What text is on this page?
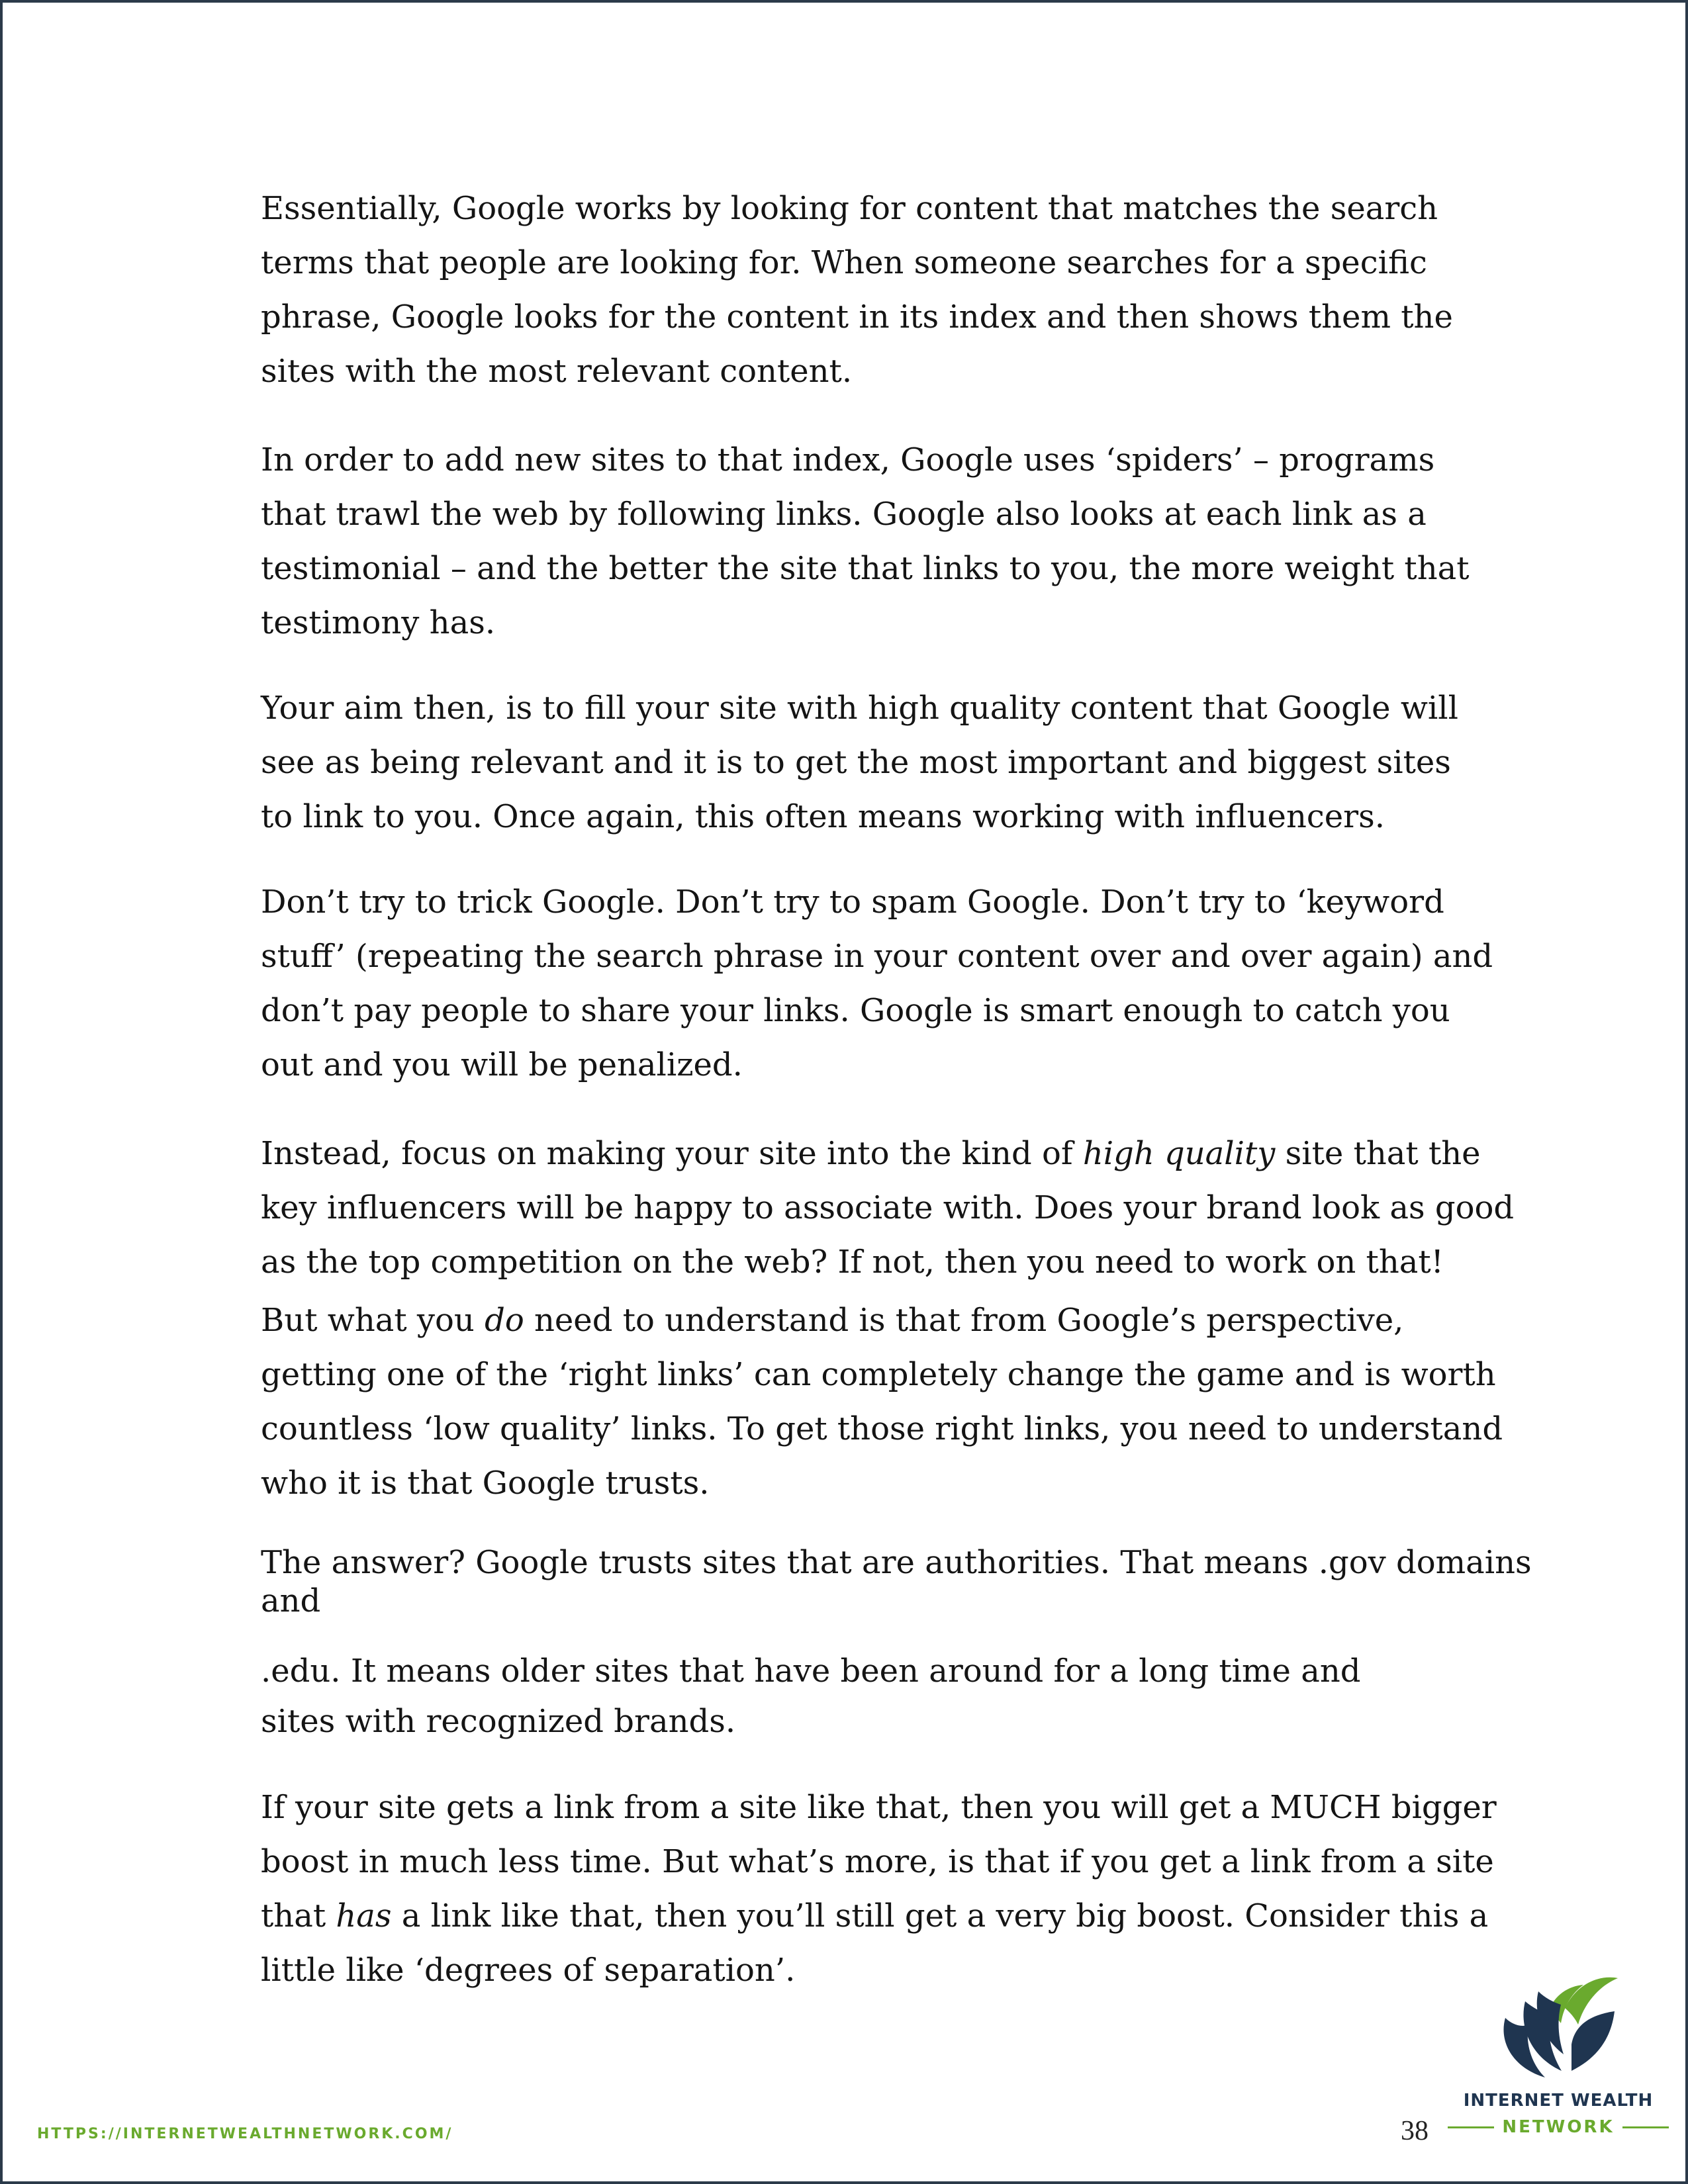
Essentially, Google works by looking for content that matches the search
terms that people are looking for. When someone searches for a specific
phrase, Google looks for the content in its index and then shows them the
sites with the most relevant content.

In order to add new sites to that index, Google uses ‘spiders’ – programs
that trawl the web by following links. Google also looks at each link as a
testimonial – and the better the site that links to you, the more weight that
testimony has.

Your aim then, is to fill your site with high quality content that Google will
see as being relevant and it is to get the most important and biggest sites
to link to you. Once again, this often means working with influencers.

Don’t try to trick Google. Don’t try to spam Google. Don’t try to ‘keyword
stuff’ (repeating the search phrase in your content over and over again) and
don’t pay people to share your links. Google is smart enough to catch you
out and you will be penalized.

Instead, focus on making your site into the kind of high quality site that the
key influencers will be happy to associate with. Does your brand look as good
as the top competition on the web? If not, then you need to work on that!

But what you do need to understand is that from Google’s perspective,
getting one of the ‘right links’ can completely change the game and is worth
countless ‘low quality’ links. To get those right links, you need to understand
who it is that Google trusts.

The answer? Google trusts sites that are authorities. That means .gov domains
and

.edu. It means older sites that have been around for a long time and
sites with recognized brands.

If your site gets a link from a site like that, then you will get a MUCH bigger
boost in much less time. But what’s more, is that if you get a link from a site
that has a link like that, then you’ll still get a very big boost. Consider this a
little like ‘degrees of separation’.

HTTPS://INTERNETWEALTHNETWORK.COM/	38
INTERNET WEALTH
NETWORK
